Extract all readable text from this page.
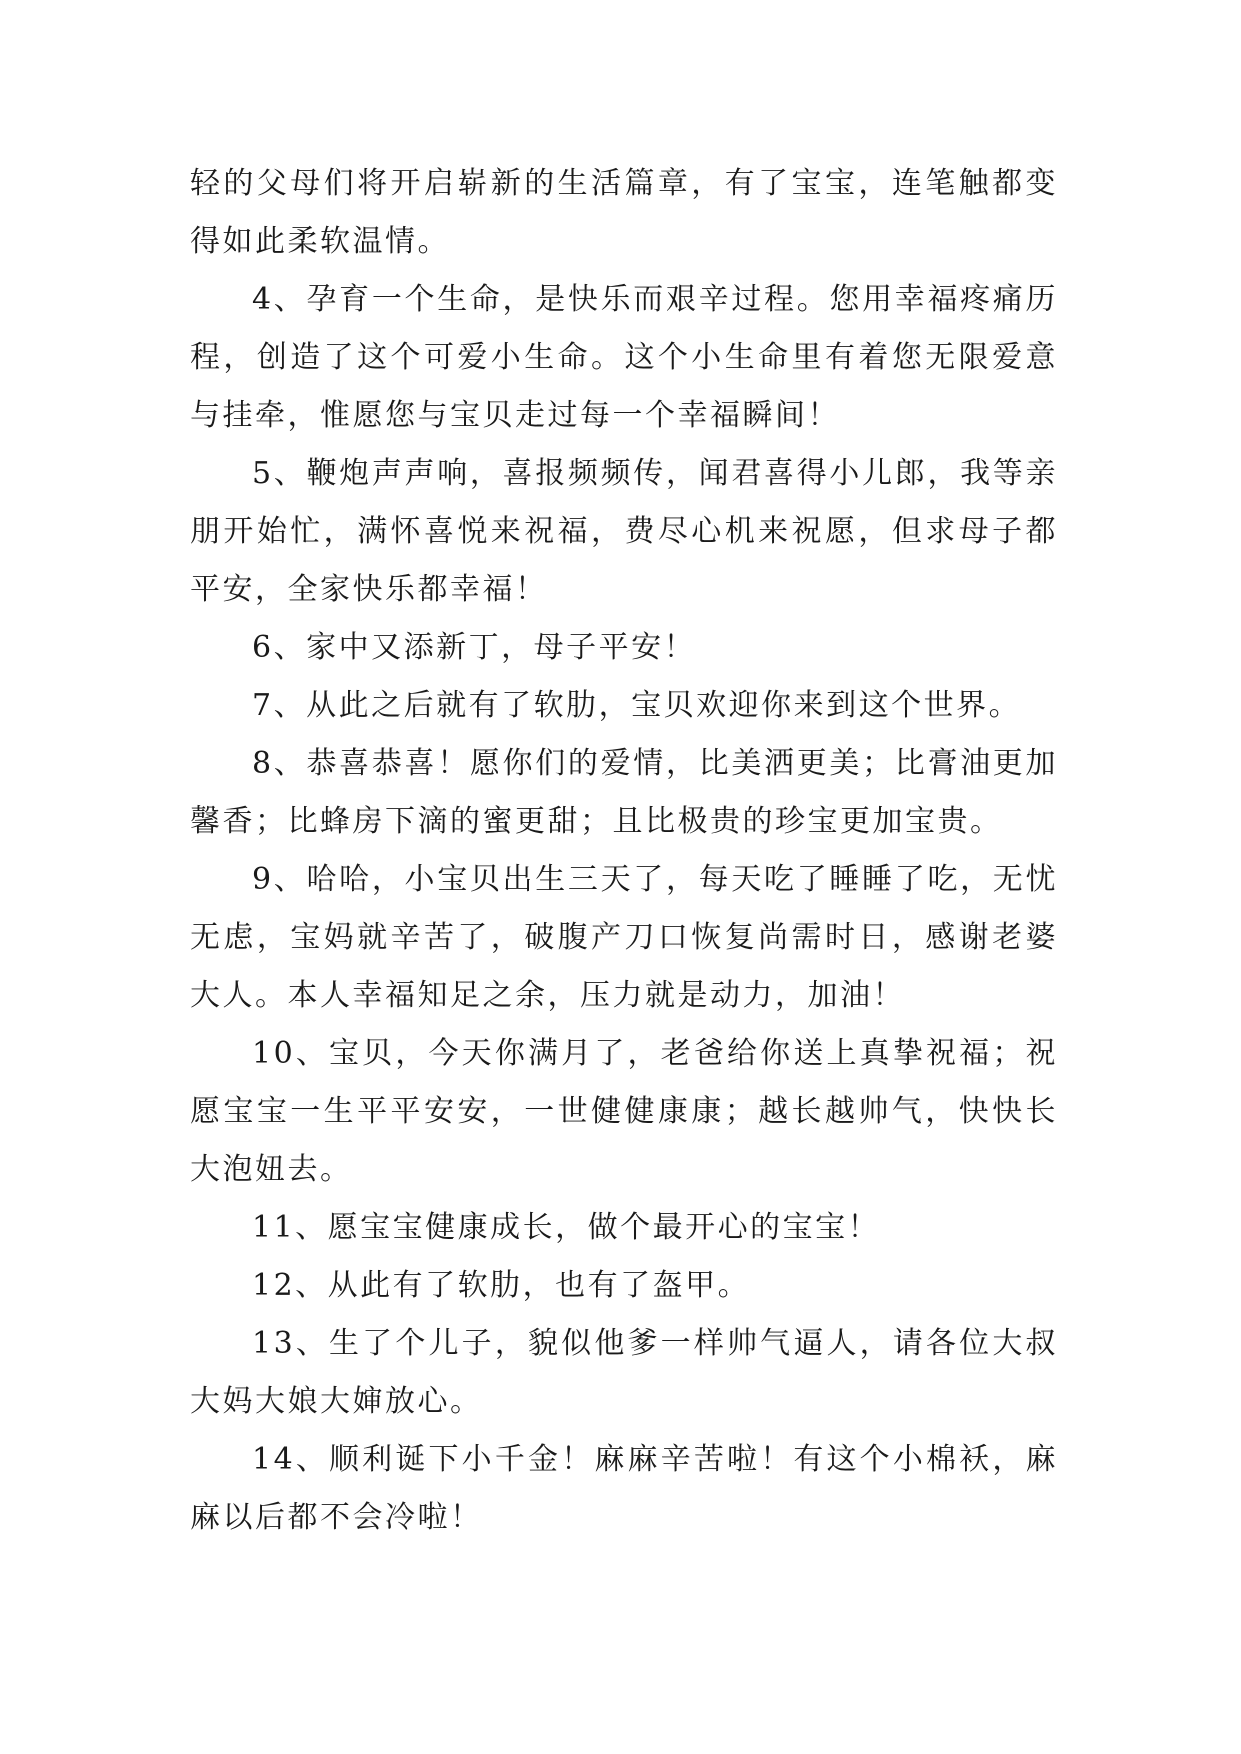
轻的父母们将开启崭新的生活篇章，有了宝宝，连笔触都变得如此柔软温情。

4、孕育一个生命，是快乐而艰辛过程。您用幸福疼痛历程，创造了这个可爱小生命。这个小生命里有着您无限爱意与挂牵，惟愿您与宝贝走过每一个幸福瞬间！

5、鞭炮声声响，喜报频频传，闻君喜得小儿郎，我等亲朋开始忙，满怀喜悦来祝福，费尽心机来祝愿，但求母子都平安，全家快乐都幸福！

6、家中又添新丁，母子平安！

7、从此之后就有了软肋，宝贝欢迎你来到这个世界。

8、恭喜恭喜！愿你们的爱情，比美洒更美；比膏油更加馨香；比蜂房下滴的蜜更甜；且比极贵的珍宝更加宝贵。

9、哈哈，小宝贝出生三天了，每天吃了睡睡了吃，无忧无虑，宝妈就辛苦了，破腹产刀口恢复尚需时日，感谢老婆大人。本人幸福知足之余，压力就是动力，加油！

10、宝贝，今天你满月了，老爸给你送上真挚祝福；祝愿宝宝一生平平安安，一世健健康康；越长越帅气，快快长大泡妞去。

11、愿宝宝健康成长，做个最开心的宝宝！

12、从此有了软肋，也有了盔甲。

13、生了个儿子，貌似他爹一样帅气逼人，请各位大叔大妈大娘大婶放心。

14、顺利诞下小千金！麻麻辛苦啦！有这个小棉袄，麻麻以后都不会冷啦！
